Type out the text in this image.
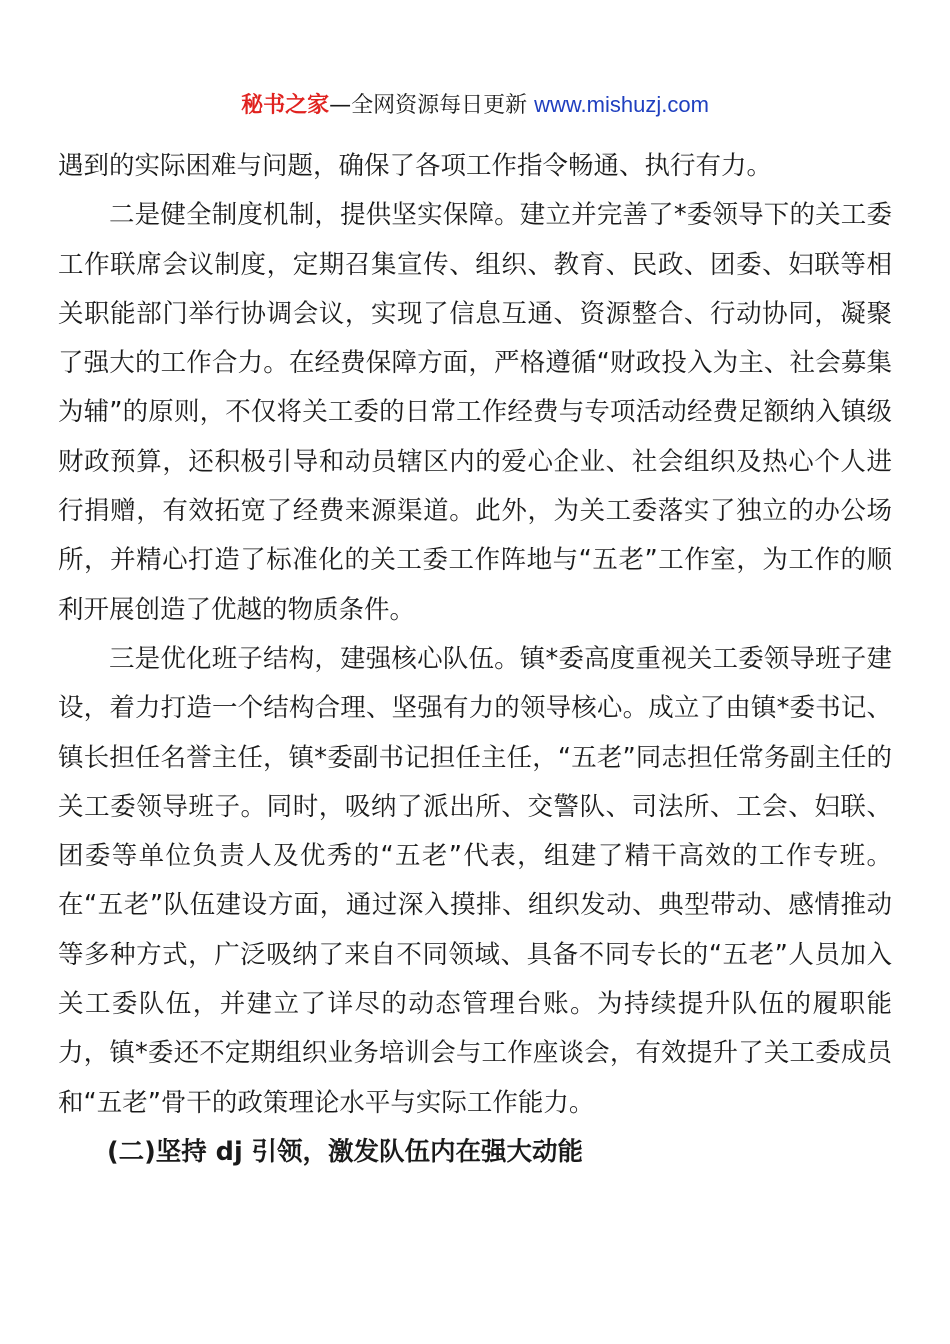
秘书之家—全网资源每日更新 www.mishuzj.com

遇到的实际困难与问题，确保了各项工作指令畅通、执行有力。

二是健全制度机制，提供坚实保障。建立并完善了*委领导下的关工委工作联席会议制度，定期召集宣传、组织、教育、民政、团委、妇联等相关职能部门举行协调会议，实现了信息互通、资源整合、行动协同，凝聚了强大的工作合力。在经费保障方面，严格遵循“财政投入为主、社会募集为辅”的原则，不仅将关工委的日常工作经费与专项活动经费足额纳入镇级财政预算，还积极引导和动员辖区内的爱心企业、社会组织及热心个人进行捐赠，有效拓宽了经费来源渠道。此外，为关工委落实了独立的办公场所，并精心打造了标准化的关工委工作阵地与“五老”工作室，为工作的顺利开展创造了优越的物质条件。

三是优化班子结构，建强核心队伍。镇*委高度重视关工委领导班子建设，着力打造一个结构合理、坚强有力的领导核心。成立了由镇*委书记、镇长担任名誉主任，镇*委副书记担任主任，“五老”同志担任常务副主任的关工委领导班子。同时，吸纳了派出所、交警队、司法所、工会、妇联、团委等单位负责人及优秀的“五老”代表，组建了精干高效的工作专班。在“五老”队伍建设方面，通过深入摸排、组织发动、典型带动、感情推动等多种方式，广泛吸纳了来自不同领域、具备不同专长的“五老”人员加入关工委队伍，并建立了详尽的动态管理台账。为持续提升队伍的履职能力，镇*委还不定期组织业务培训会与工作座谈会，有效提升了关工委成员和“五老”骨干的政策理论水平与实际工作能力。

(二)坚持 dj 引领，激发队伍内在强大动能
